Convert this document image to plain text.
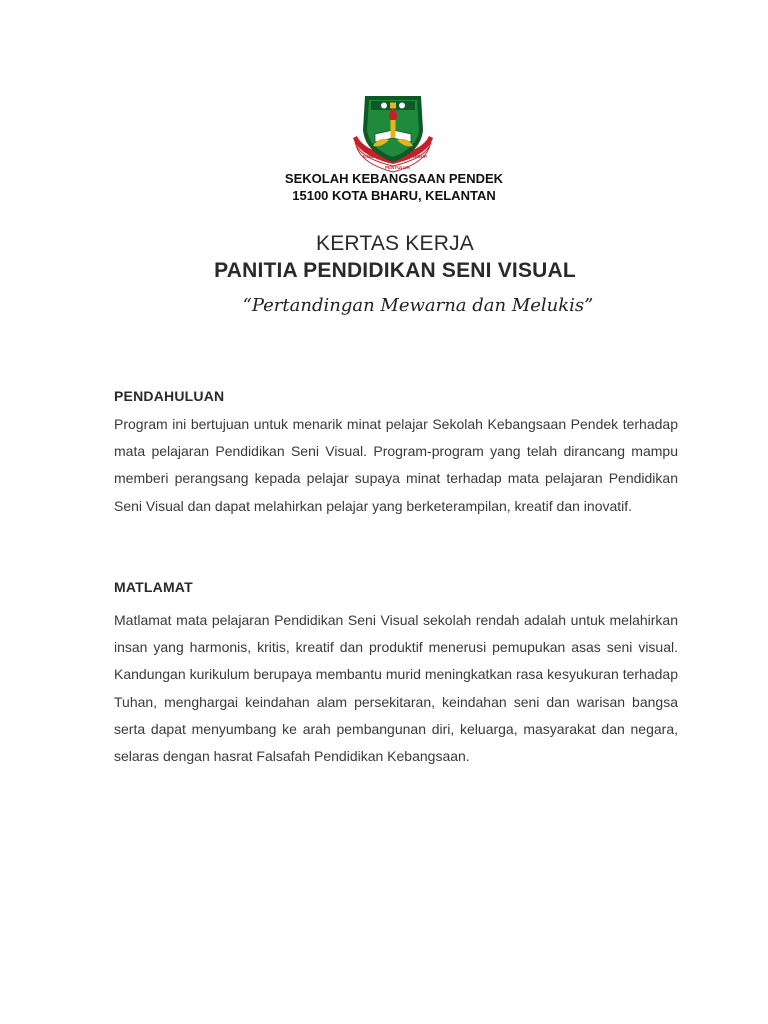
ILMU
PENYULUH
HIDUP
SEKOLAH KEBANGSAAN PENDEK
15100 KOTA BHARU, KELANTAN
KERTAS KERJA
PANITIA PENDIDIKAN SENI VISUAL
“Pertandingan Mewarna dan Melukis”
PENDAHULUAN

Program ini bertujuan untuk menarik minat pelajar Sekolah Kebangsaan Pendek terhadap mata pelajaran Pendidikan Seni Visual. Program-program yang telah dirancang mampu memberi perangsang kepada pelajar supaya minat terhadap mata pelajaran Pendidikan Seni Visual dan dapat melahirkan pelajar yang berketerampilan, kreatif dan inovatif.

MATLAMAT

Matlamat mata pelajaran Pendidikan Seni Visual sekolah rendah adalah untuk melahirkan insan yang harmonis, kritis, kreatif dan produktif menerusi pemupukan asas seni visual. Kandungan kurikulum berupaya membantu murid meningkatkan rasa kesyukuran terhadap Tuhan, menghargai keindahan alam persekitaran, keindahan seni dan warisan bangsa serta dapat menyumbang ke arah pembangunan diri, keluarga, masyarakat dan negara, selaras dengan hasrat Falsafah Pendidikan Kebangsaan.
